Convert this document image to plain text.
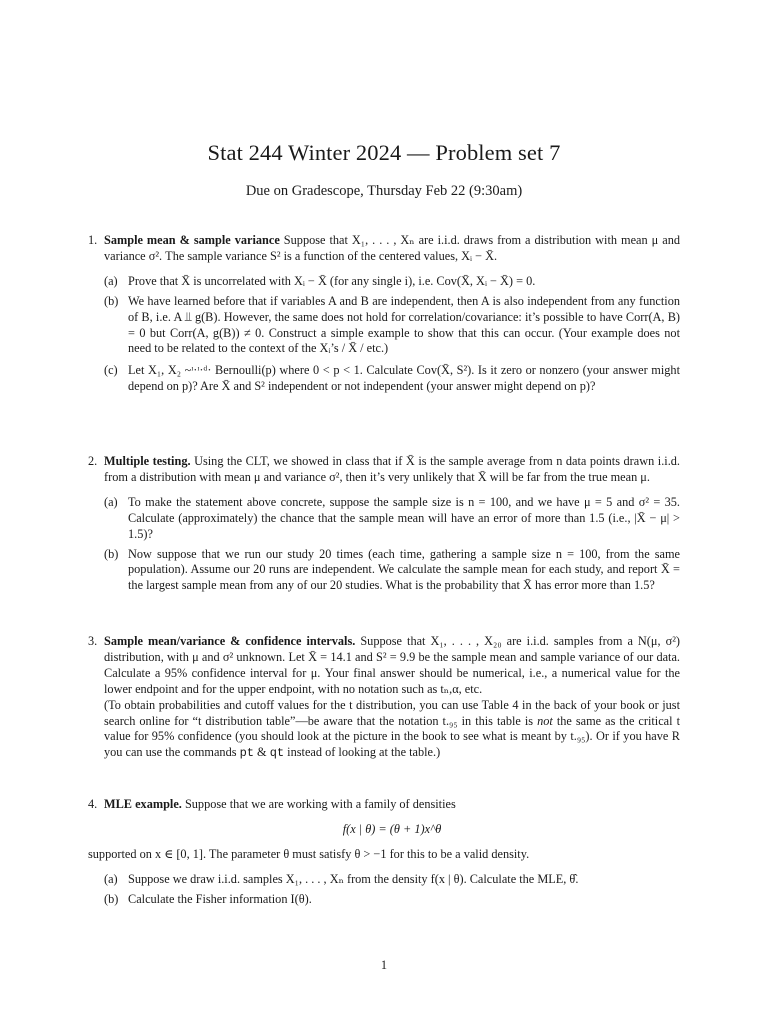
Stat 244 Winter 2024 — Problem set 7
Due on Gradescope, Thursday Feb 22 (9:30am)
1. Sample mean & sample variance Suppose that X₁, . . . , Xₙ are i.i.d. draws from a distribution with mean μ and variance σ². The sample variance S² is a function of the centered values, Xᵢ − X̄.
(a) Prove that X̄ is uncorrelated with Xᵢ − X̄ (for any single i), i.e. Cov(X̄, Xᵢ − X̄) = 0.
(b) We have learned before that if variables A and B are independent, then A is also independent from any function of B, i.e. A ⫫ g(B). However, the same does not hold for correlation/covariance: it’s possible to have Corr(A, B) = 0 but Corr(A, g(B)) ≠ 0. Construct a simple example to show that this can occur. (Your example does not need to be related to the context of the Xᵢ’s / X̄ / etc.)
(c) Let X₁, X₂ ~ᶦ·ᶦ·ᵈ· Bernoulli(p) where 0 < p < 1. Calculate Cov(X̄, S²). Is it zero or nonzero (your answer might depend on p)? Are X̄ and S² independent or not independent (your answer might depend on p)?
2. Multiple testing. Using the CLT, we showed in class that if X̄ is the sample average from n data points drawn i.i.d. from a distribution with mean μ and variance σ², then it’s very unlikely that X̄ will be far from the true mean μ.
(a) To make the statement above concrete, suppose the sample size is n = 100, and we have μ = 5 and σ² = 35. Calculate (approximately) the chance that the sample mean will have an error of more than 1.5 (i.e., |X̄ − μ| > 1.5)?
(b) Now suppose that we run our study 20 times (each time, gathering a sample size n = 100, from the same population). Assume our 20 runs are independent. We calculate the sample mean for each study, and report X̄ = the largest sample mean from any of our 20 studies. What is the probability that X̄ has error more than 1.5?
3. Sample mean/variance & confidence intervals. Suppose that X₁, . . . , X₂₀ are i.i.d. samples from a N(μ, σ²) distribution, with μ and σ² unknown. Let X̄ = 14.1 and S² = 9.9 be the sample mean and sample variance of our data. Calculate a 95% confidence interval for μ. Your final answer should be numerical, i.e., a numerical value for the lower endpoint and for the upper endpoint, with no notation such as tₙ,α, etc.
(To obtain probabilities and cutoff values for the t distribution, you can use Table 4 in the back of your book or just search online for “t distribution table”—be aware that the notation t.₉₅ in this table is not the same as the critical t value for 95% confidence (you should look at the picture in the book to see what is meant by t.₉₅). Or if you have R you can use the commands pt & qt instead of looking at the table.)
4. MLE example. Suppose that we are working with a family of densities
f(x | θ) = (θ + 1)x^θ
supported on x ∈ [0, 1]. The parameter θ must satisfy θ > −1 for this to be a valid density.
(a) Suppose we draw i.i.d. samples X₁, . . . , Xₙ from the density f(x | θ). Calculate the MLE, θ̂.
(b) Calculate the Fisher information I(θ).
1
